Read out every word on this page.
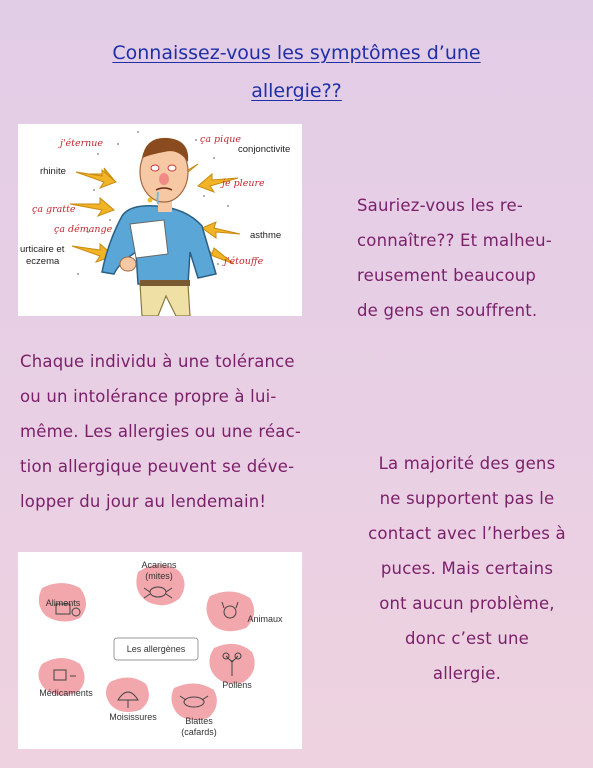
Connaissez-vous les symptômes d’une
allergie??
j'éternue	ça pique
conjonctivite
rhinite
je pleure
ça gratte
ça démange
asthme
urticaire et
eczema	j'étouffe
Sauriez-vous les re-
connaître?? Et malheu-
reusement beaucoup
de gens en souffrent.
Chaque individu à une tolérance
ou un intolérance propre à lui-
même. Les allergies ou une réac-
tion allergique peuvent se déve-
lopper du jour au lendemain!
La majorité des gens
ne supportent pas le
contact avec l’herbes à
puces. Mais certains
ont aucun problème,
donc c’est une
allergie.
Les allergènes
Acariens
(mites)
Aliments
Animaux
Pollens
Médicaments
Moisissures	Blattes
(cafards)
